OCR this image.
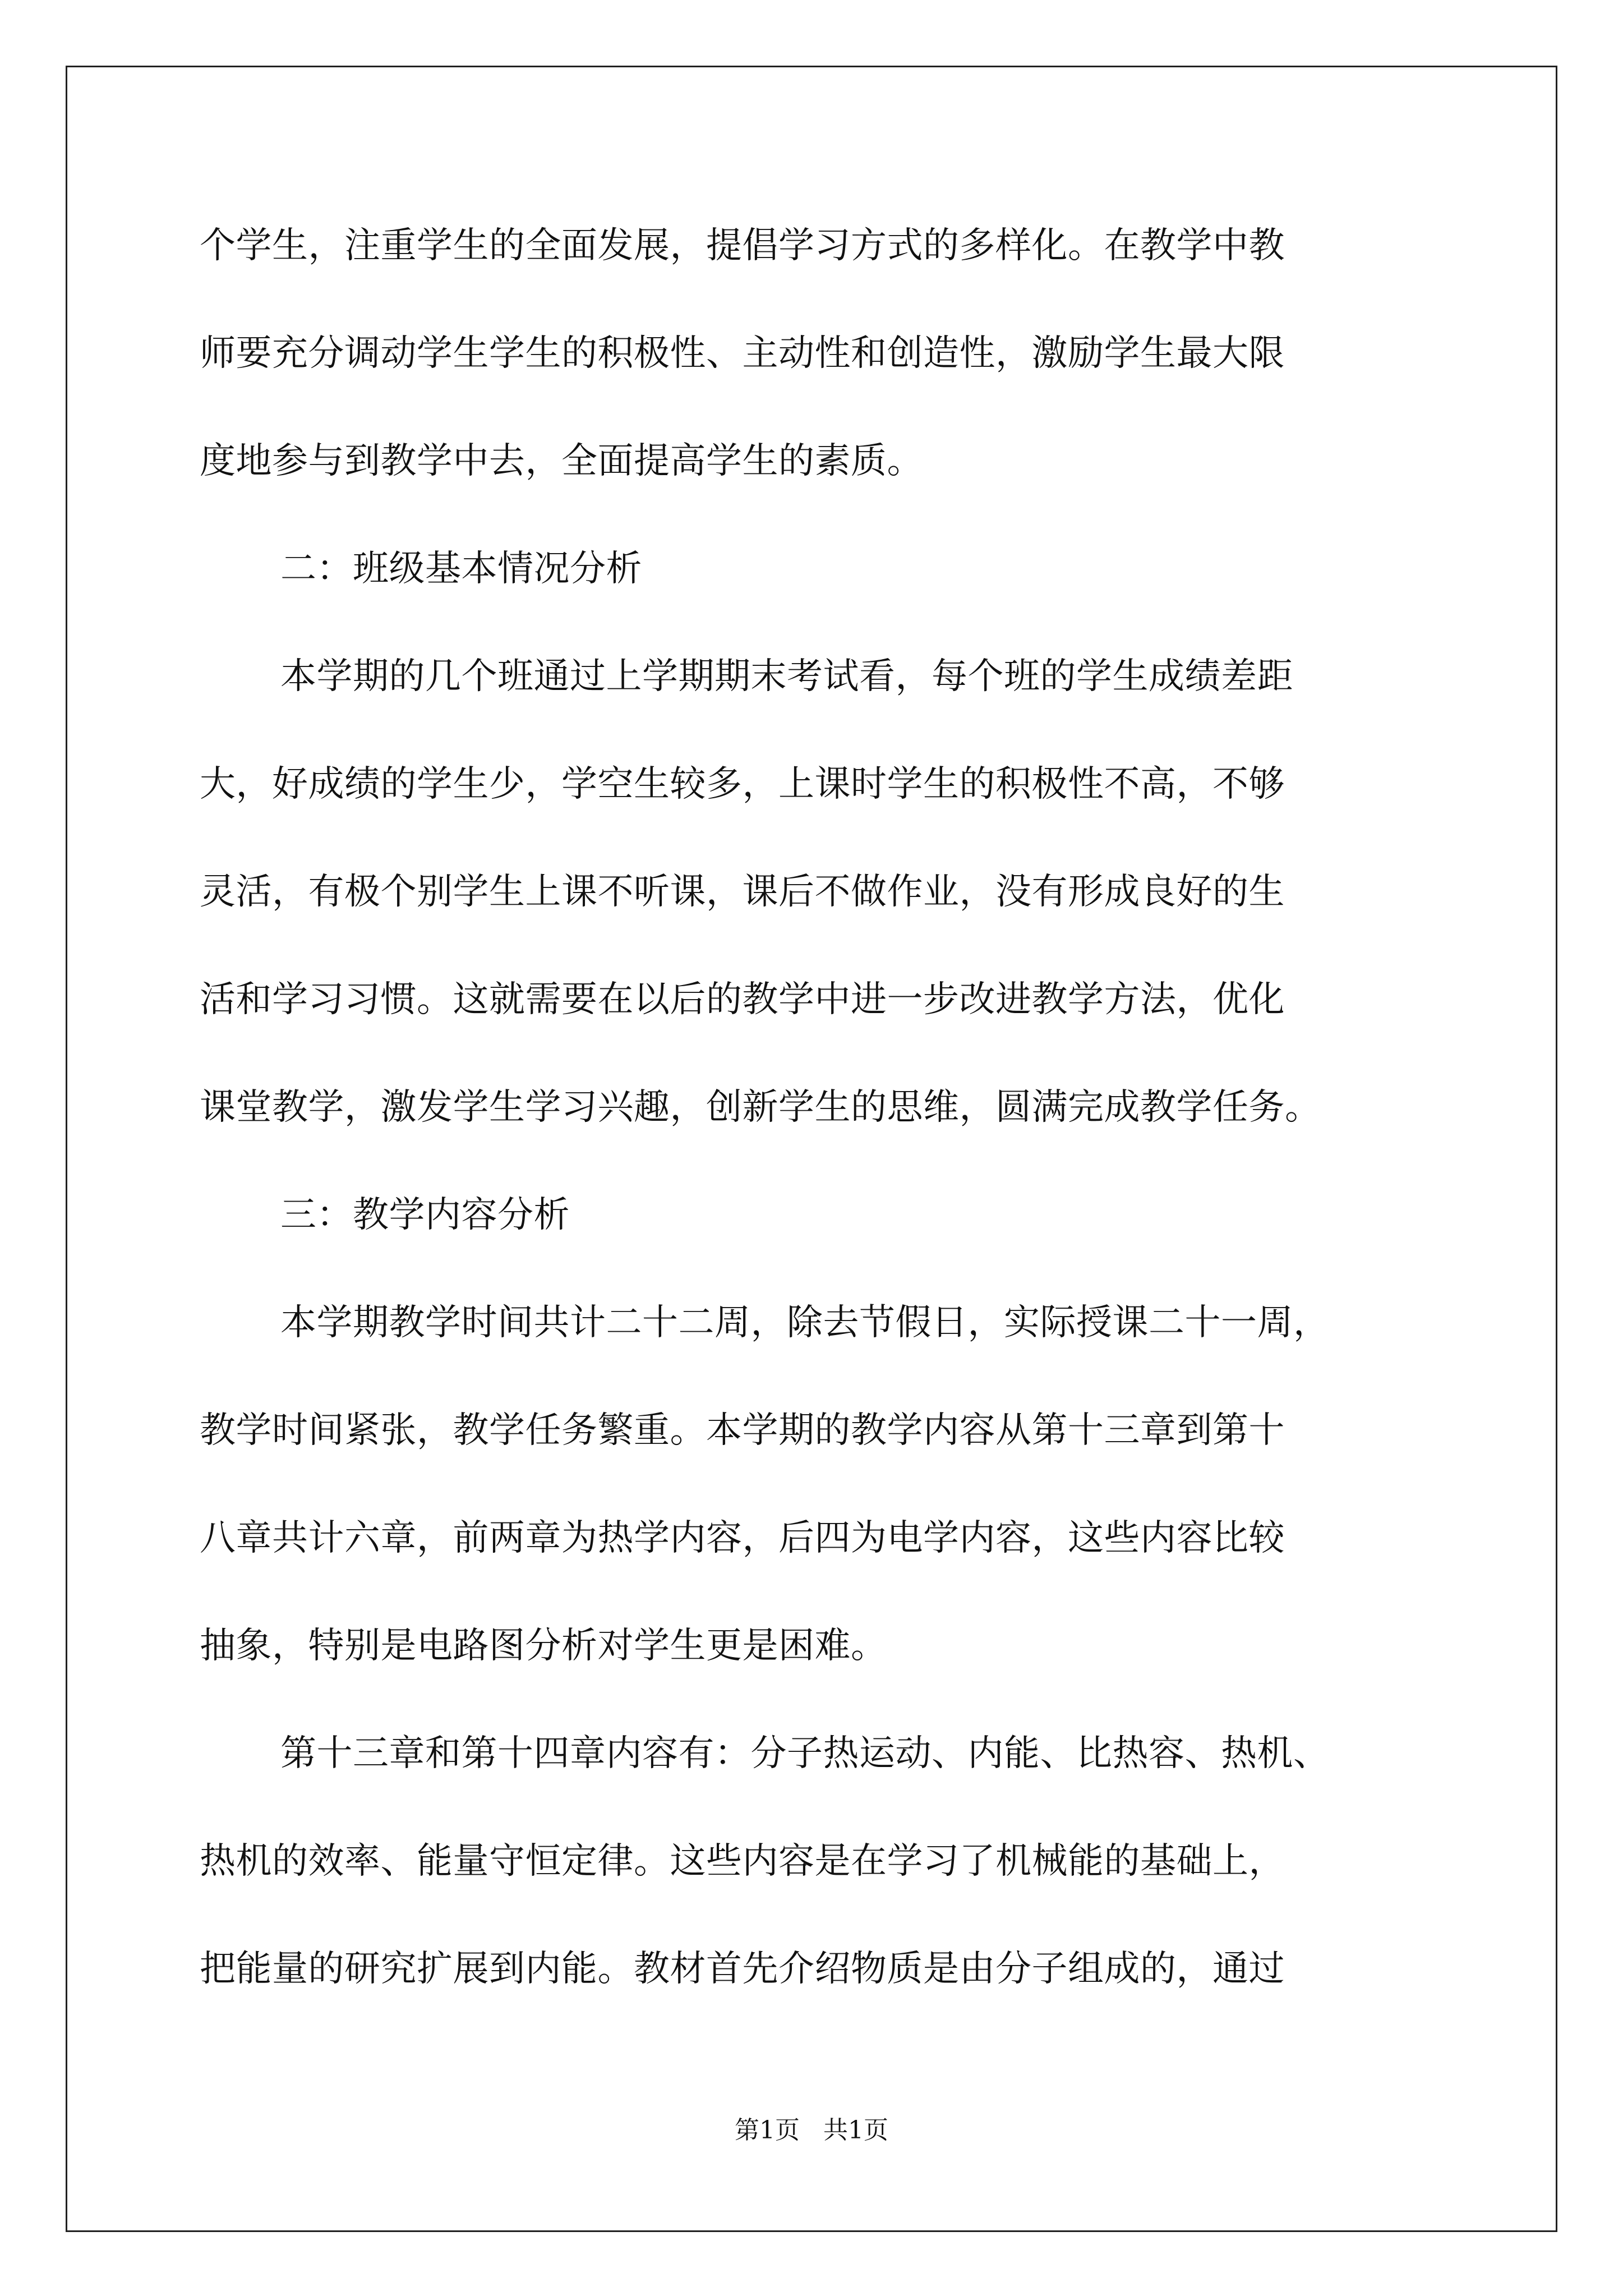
个学生，注重学生的全面发展，提倡学习方式的多样化。在教学中教
师要充分调动学生学生的积极性、主动性和创造性，激励学生最大限
度地参与到教学中去，全面提高学生的素质。
二：班级基本情况分析
本学期的几个班通过上学期期末考试看，每个班的学生成绩差距
大，好成绩的学生少，学空生较多，上课时学生的积极性不高，不够
灵活，有极个别学生上课不听课，课后不做作业，没有形成良好的生
活和学习习惯。这就需要在以后的教学中进一步改进教学方法，优化
课堂教学，激发学生学习兴趣，创新学生的思维，圆满完成教学任务。
三：教学内容分析
本学期教学时间共计二十二周，除去节假日，实际授课二十一周，
教学时间紧张，教学任务繁重。本学期的教学内容从第十三章到第十
八章共计六章，前两章为热学内容，后四为电学内容，这些内容比较
抽象，特别是电路图分析对学生更是困难。
第十三章和第十四章内容有：分子热运动、内能、比热容、热机、
热机的效率、能量守恒定律。这些内容是在学习了机械能的基础上，
把能量的研究扩展到内能。教材首先介绍物质是由分子组成的，通过
第1页   共1页
